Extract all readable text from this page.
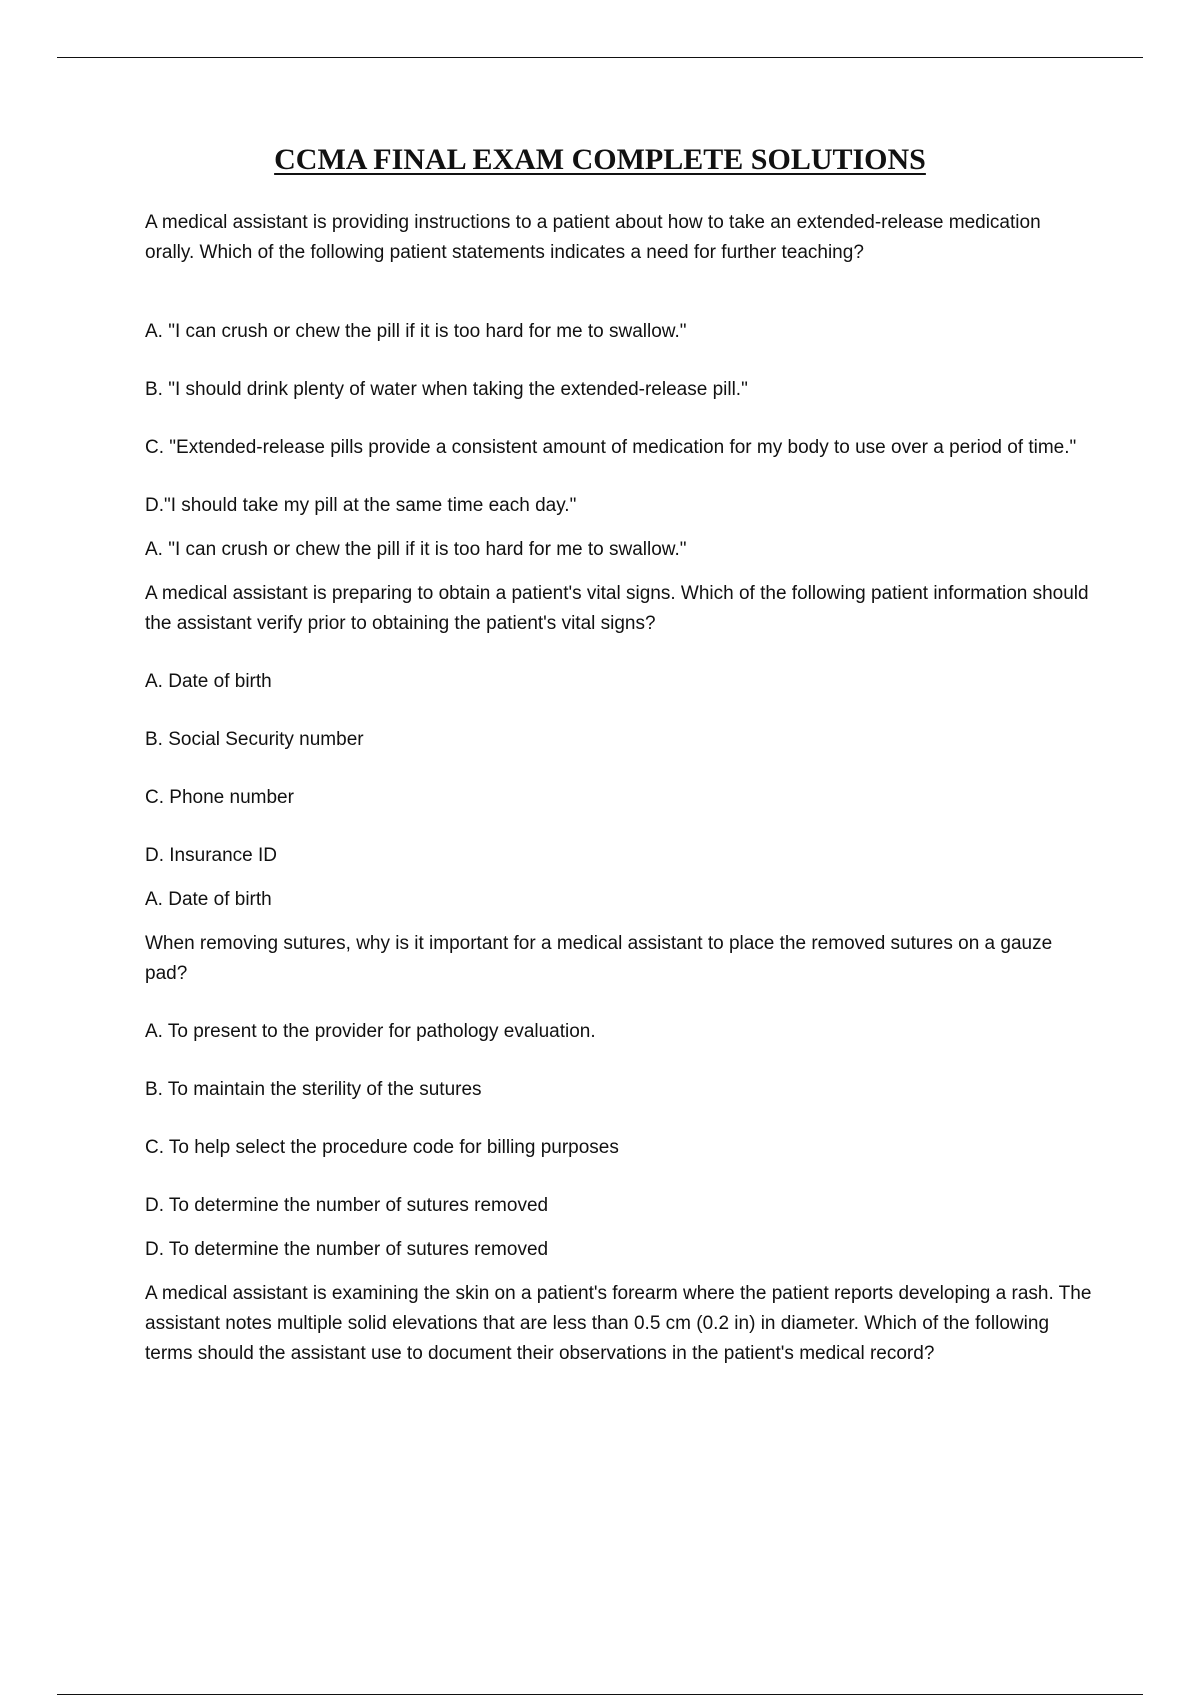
CCMA FINAL EXAM COMPLETE SOLUTIONS

A medical assistant is providing instructions to a patient about how to take an extended-release medication orally. Which of the following patient statements indicates a need for further teaching?

A. "I can crush or chew the pill if it is too hard for me to swallow."

B. "I should drink plenty of water when taking the extended-release pill."

C. "Extended-release pills provide a consistent amount of medication for my body to use over a period of time."

D."I should take my pill at the same time each day."

A. "I can crush or chew the pill if it is too hard for me to swallow."

A medical assistant is preparing to obtain a patient's vital signs. Which of the following patient information should the assistant verify prior to obtaining the patient's vital signs?

A. Date of birth

B. Social Security number

C. Phone number

D. Insurance ID

A. Date of birth

When removing sutures, why is it important for a medical assistant to place the removed sutures on a gauze pad?

A. To present to the provider for pathology evaluation.

B. To maintain the sterility of the sutures

C. To help select the procedure code for billing purposes

D. To determine the number of sutures removed

D. To determine the number of sutures removed

A medical assistant is examining the skin on a patient's forearm where the patient reports developing a rash. The assistant notes multiple solid elevations that are less than 0.5 cm (0.2 in) in diameter. Which of the following terms should the assistant use to document their observations in the patient's medical record?
